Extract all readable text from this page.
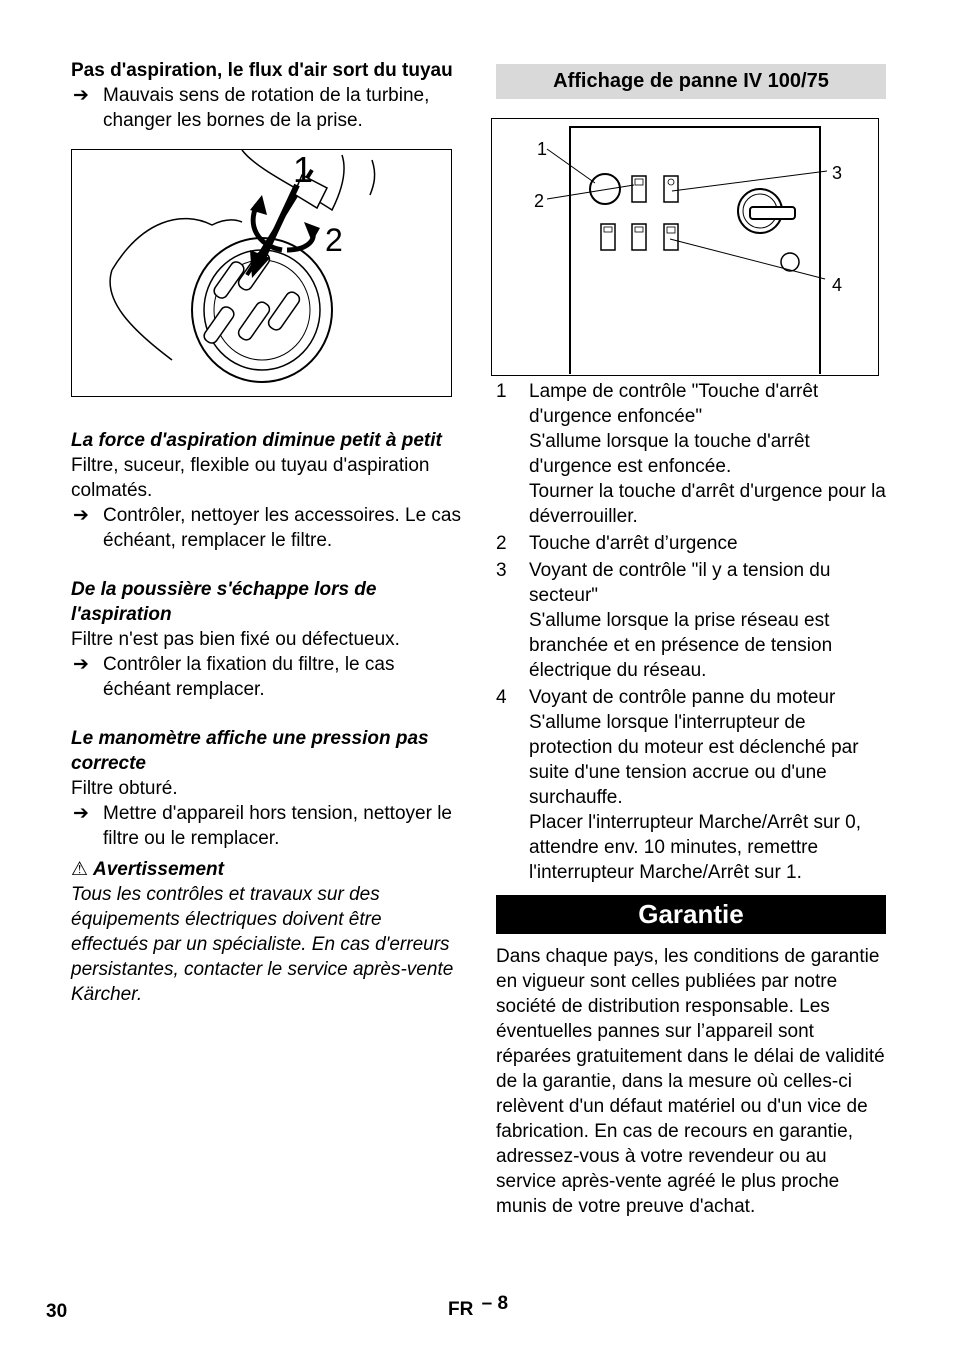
Pas d'aspiration, le flux d'air sort du tuyau
➔ Mauvais sens de rotation de la turbine, changer les bornes de la prise.
1
2
La force d'aspiration diminue petit à petit
Filtre, suceur, flexible ou tuyau d'aspiration colmatés.
➔ Contrôler, nettoyer les accessoires. Le cas échéant, remplacer le filtre.
De la poussière s'échappe lors de l'aspiration
Filtre n'est pas bien fixé ou défectueux.
➔ Contrôler la fixation du filtre, le cas échéant remplacer.
Le manomètre affiche une pression pas correcte
Filtre obturé.
➔ Mettre d'appareil hors tension, nettoyer le filtre ou le remplacer.
⚠ Avertissement
Tous les contrôles et travaux sur des équipements électriques doivent être effectués par un spécialiste. En cas d'erreurs persistantes, contacter le service après-vente Kärcher.
Affichage de panne IV 100/75
1
2
3
4
1 Lampe de contrôle "Touche d'arrêt d'urgence enfoncée"
S'allume lorsque la touche d'arrêt d'urgence est enfoncée.
Tourner la touche d'arrêt d'urgence pour la déverrouiller.
2 Touche d'arrêt d’urgence
3 Voyant de contrôle "il y a tension du secteur"
S'allume lorsque la prise réseau est branchée et en présence de tension électrique du réseau.
4 Voyant de contrôle panne du moteur
S'allume lorsque l'interrupteur de protection du moteur est déclenché par suite d'une tension accrue ou d'une surchauffe.
Placer l'interrupteur Marche/Arrêt sur 0, attendre env. 10 minutes, remettre l'interrupteur Marche/Arrêt sur 1.
Garantie
Dans chaque pays, les conditions de garantie en vigueur sont celles publiées par notre société de distribution responsable. Les éventuelles pannes sur l’appareil sont réparées gratuitement dans le délai de validité de la garantie, dans la mesure où celles-ci relèvent d'un défaut matériel ou d'un vice de fabrication. En cas de recours en garantie, adressez-vous à votre revendeur ou au service après-vente agréé le plus proche munis de votre preuve d'achat.
30	FR – 8
